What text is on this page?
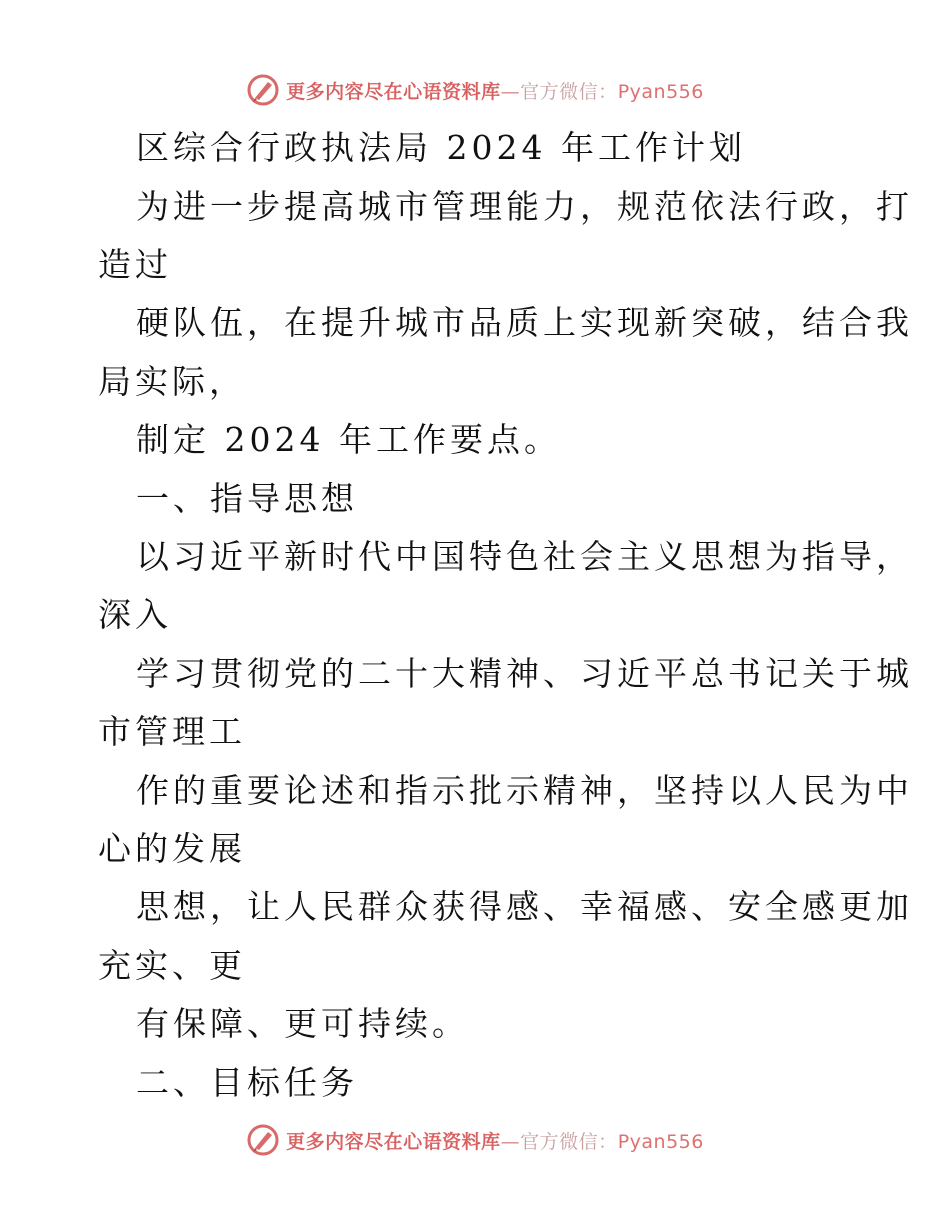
更多内容尽在心语资料库—官方微信：Pyan556
区综合行政执法局 2024 年工作计划
为进一步提高城市管理能力，规范依法行政，打
造过
硬队伍，在提升城市品质上实现新突破，结合我
局实际，
制定 2024 年工作要点。
一、指导思想
以习近平新时代中国特色社会主义思想为指导，
深入
学习贯彻党的二十大精神、习近平总书记关于城
市管理工
作的重要论述和指示批示精神，坚持以人民为中
心的发展
思想，让人民群众获得感、幸福感、安全感更加
充实、更
有保障、更可持续。
二、目标任务
更多内容尽在心语资料库—官方微信：Pyan556
